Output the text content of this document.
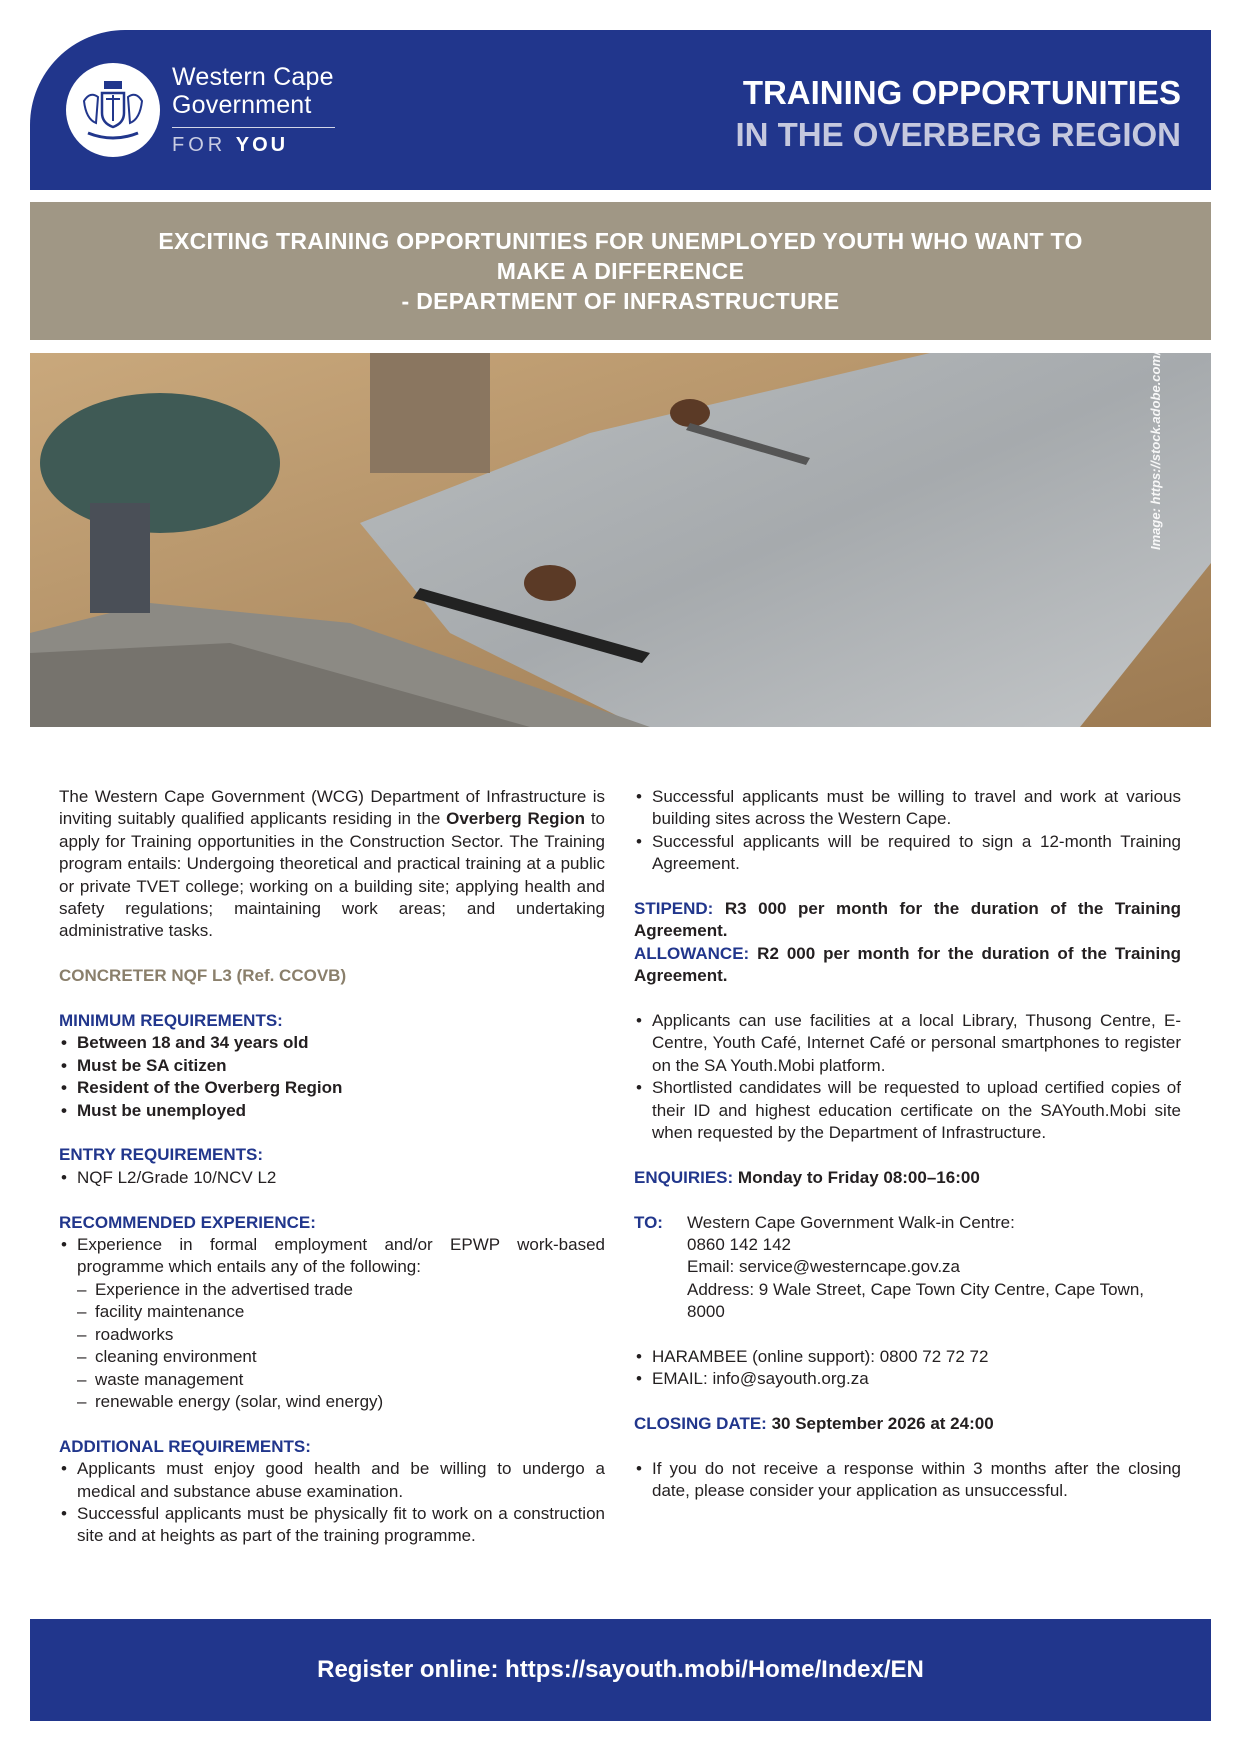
Western Cape
Government
FOR YOU
TRAINING OPPORTUNITIES
IN THE OVERBERG REGION
EXCITING TRAINING OPPORTUNITIES FOR UNEMPLOYED YOUTH WHO WANT TO
MAKE A DIFFERENCE
- DEPARTMENT OF INFRASTRUCTURE
Image: https://stock.adobe.com/

The Western Cape Government (WCG) Department of Infrastructure is inviting suitably qualified applicants residing in the Overberg Region to apply for Training opportunities in the Construction Sector. The Training program entails: Undergoing theoretical and practical training at a public or private TVET college; working on a building site; applying health and safety regulations; maintaining work areas; and undertaking administrative tasks.

CONCRETER NQF L3 (Ref. CCOVB)

MINIMUM REQUIREMENTS:

• Between 18 and 34 years old
• Must be SA citizen
• Resident of the Overberg Region
• Must be unemployed

ENTRY REQUIREMENTS:

• NQF L2/Grade 10/NCV L2

RECOMMENDED EXPERIENCE:

• Experience in formal employment and/or EPWP work-based programme which entails any of the following:
– Experience in the advertised trade
– facility maintenance
– roadworks
– cleaning environment
– waste management
– renewable energy (solar, wind energy)

ADDITIONAL REQUIREMENTS:

• Applicants must enjoy good health and be willing to undergo a medical and substance abuse examination.
• Successful applicants must be physically fit to work on a construction site and at heights as part of the training programme.
• Successful applicants must be willing to travel and work at various building sites across the Western Cape.
• Successful applicants will be required to sign a 12-month Training Agreement.

STIPEND: R3 000 per month for the duration of the Training Agreement.

ALLOWANCE: R2 000 per month for the duration of the Training Agreement.

• Applicants can use facilities at a local Library, Thusong Centre, E-Centre, Youth Café, Internet Café or personal smartphones to register on the SA Youth.Mobi platform.
• Shortlisted candidates will be requested to upload certified copies of their ID and highest education certificate on the SAYouth.Mobi site when requested by the Department of Infrastructure.

ENQUIRIES: Monday to Friday 08:00–16:00

TO:	Western Cape Government Walk-in Centre:
0860 142 142
Email: service@westerncape.gov.za
Address: 9 Wale Street, Cape Town City Centre, Cape Town, 8000
• HARAMBEE (online support): 0800 72 72 72
• EMAIL: info@sayouth.org.za

CLOSING DATE: 30 September 2026 at 24:00

• If you do not receive a response within 3 months after the closing date, please consider your application as unsuccessful.
Register online: https://sayouth.mobi/Home/Index/EN
